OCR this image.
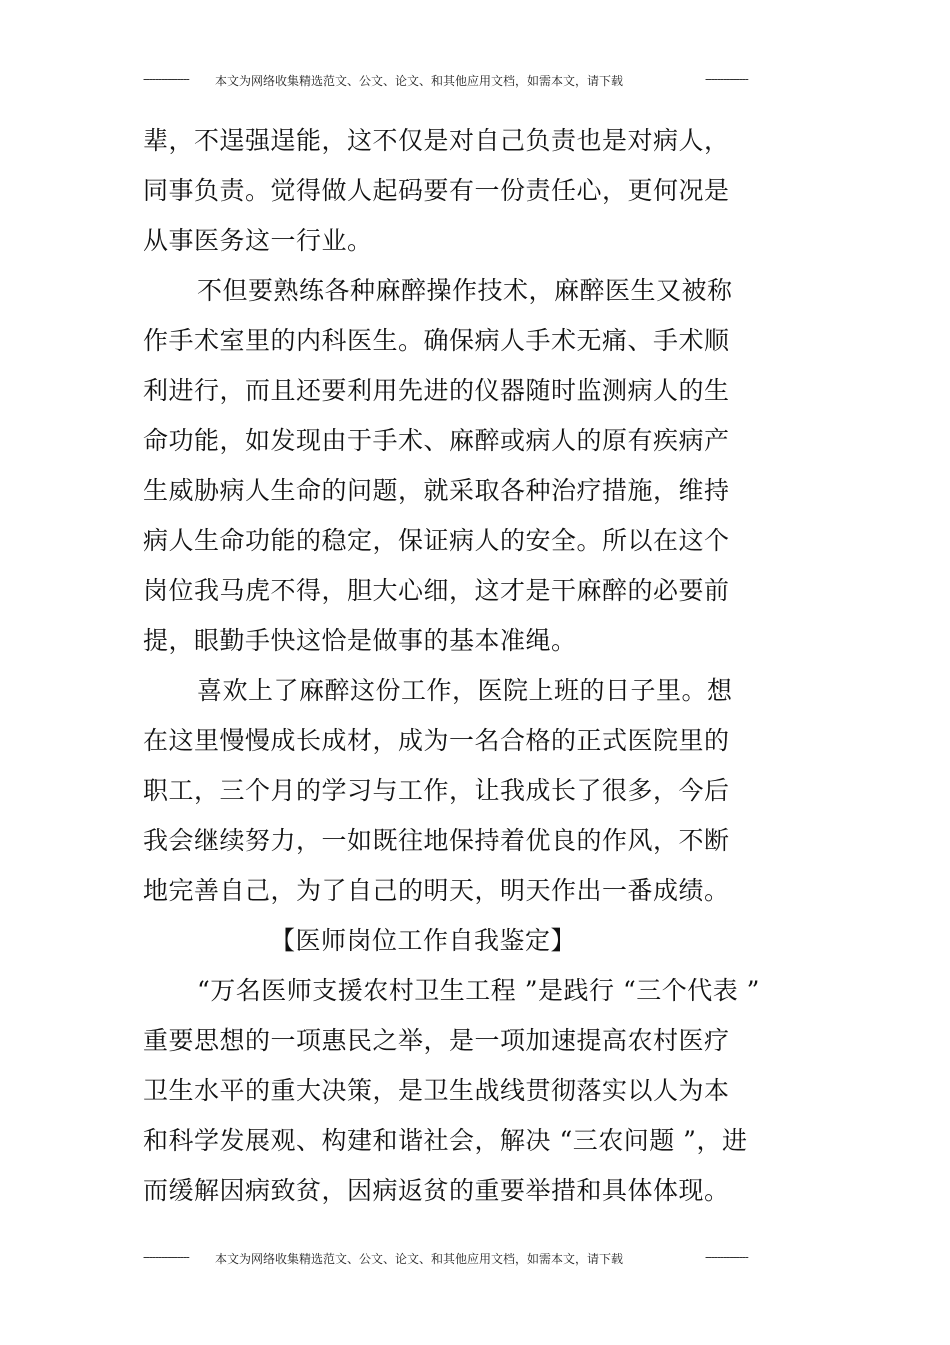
--------------- 本文为网络收集精选范文、公文、论文、和其他应用文档，如需本文，请下载	--------------
辈，不逞强逞能，这不仅是对自己负责也是对病人，
同事负责。觉得做人起码要有一份责任心，更何况是
从事医务这一行业。
不但要熟练各种麻醉操作技术，麻醉医生又被称
作手术室里的内科医生。确保病人手术无痛、手术顺
利进行，而且还要利用先进的仪器随时监测病人的生
命功能，如发现由于手术、麻醉或病人的原有疾病产
生威胁病人生命的问题，就采取各种治疗措施，维持
病人生命功能的稳定，保证病人的安全。所以在这个
岗位我马虎不得，胆大心细，这才是干麻醉的必要前
提，眼勤手快这恰是做事的基本准绳。
喜欢上了麻醉这份工作，医院上班的日子里。想
在这里慢慢成长成材，成为一名合格的正式医院里的
职工，三个月的学习与工作，让我成长了很多，今后
我会继续努力，一如既往地保持着优良的作风，不断
地完善自己，为了自己的明天，明天作出一番成绩。
【医师岗位工作自我鉴定】
“万名医师支援农村卫生工程 ”是践行 “三个代表 ”
重要思想的一项惠民之举，是一项加速提高农村医疗
卫生水平的重大决策，是卫生战线贯彻落实以人为本
和科学发展观、构建和谐社会，解决 “三农问题 ”，进
而缓解因病致贫，因病返贫的重要举措和具体体现。
--------------- 本文为网络收集精选范文、公文、论文、和其他应用文档，如需本文，请下载	--------------
